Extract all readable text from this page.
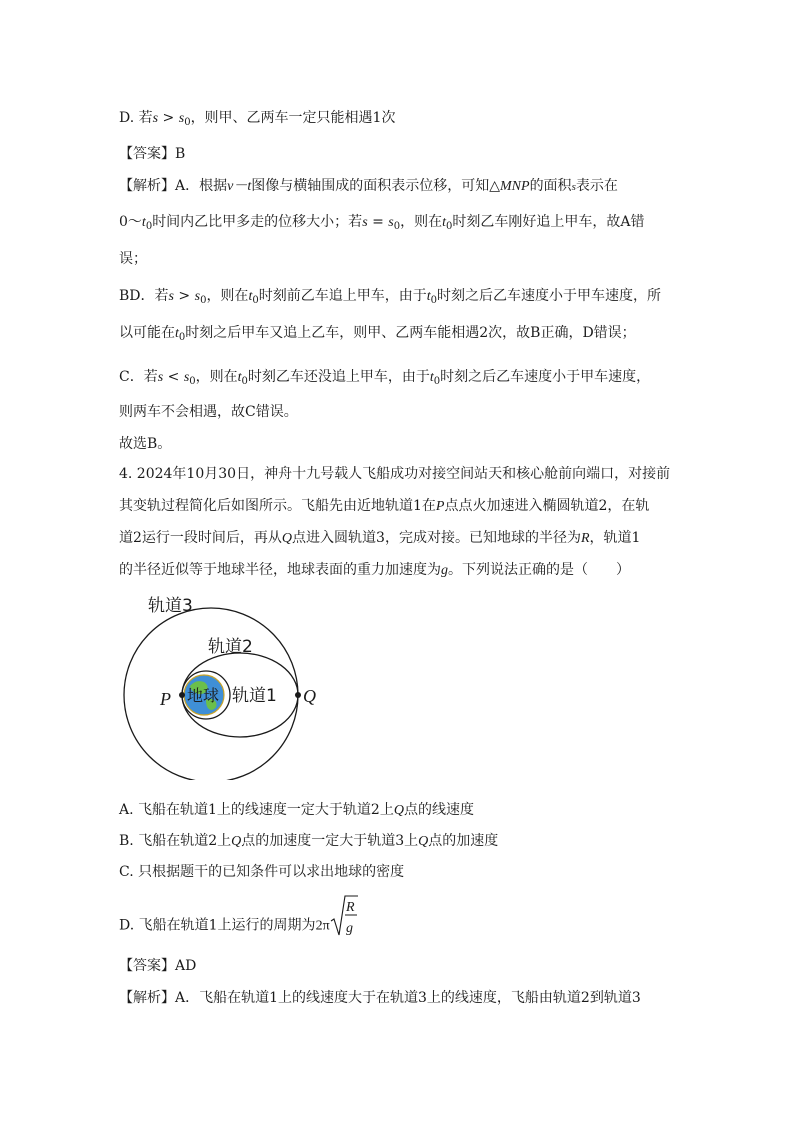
D. 若$s > s_0$，则甲、乙两车一定只能相遇1次
【答案】B
【解析】A．根据v－t图像与横轴围成的面积表示位移，可知△MNP的面积s表示在
$0\sim t_0$时间内乙比甲多走的位移大小；若$s = s_0$，则在$t_0$时刻乙车刚好追上甲车，故A错
误；
BD．若$s > s_0$，则在$t_0$时刻前乙车追上甲车，由于$t_0$时刻之后乙车速度小于甲车速度，所
以可能在$t_0$时刻之后甲车又追上乙车，则甲、乙两车能相遇2次，故B正确，D错误；
C．若$s < s_0$，则在$t_0$时刻乙车还没追上甲车，由于$t_0$时刻之后乙车速度小于甲车速度，
则两车不会相遇，故C错误。
故选B。
4. 2024年10月30日，神舟十九号载人飞船成功对接空间站天和核心舱前向端口，对接前
其变轨过程简化后如图所示。飞船先由近地轨道1在P点点火加速进入椭圆轨道2，在轨
道2运行一段时间后，再从Q点进入圆轨道3，完成对接。已知地球的半径为R，轨道1
的半径近似等于地球半径，地球表面的重力加速度为g。下列说法正确的是（　　）
轨道3
轨道2
轨道1
地球
P	Q
A. 飞船在轨道1上的线速度一定大于轨道2上Q点的线速度
B. 飞船在轨道2上Q点的加速度一定大于轨道3上Q点的加速度
C. 只根据题干的已知条件可以求出地球的密度
D. 飞船在轨道1上运行的周期为2π
R
g
【答案】AD
【解析】A．飞船在轨道1上的线速度大于在轨道3上的线速度，飞船由轨道2到轨道3
